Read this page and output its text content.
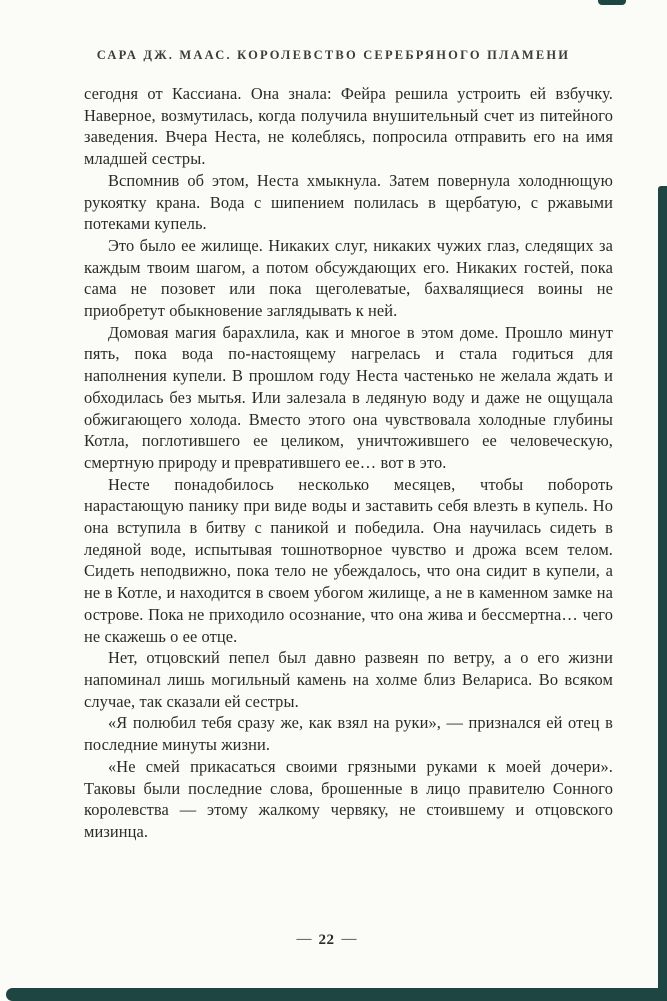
САРА ДЖ. МААС. КОРОЛЕВСТВО СЕРЕБРЯНОГО ПЛАМЕНИ

сегодня от Кассиана. Она знала: Фейра решила устроить ей взбучку. Наверное, возмутилась, когда получила внушительный счет из питейного заведения. Вчера Неста, не колеблясь, попросила отправить его на имя младшей сестры.

Вспомнив об этом, Неста хмыкнула. Затем повернула холоднющую рукоятку крана. Вода с шипением полилась в щербатую, с ржавыми потеками купель.

Это было ее жилище. Никаких слуг, никаких чужих глаз, следящих за каждым твоим шагом, а потом обсуждающих его. Никаких гостей, пока сама не позовет или пока щеголеватые, бахвалящиеся воины не приобретут обыкновение заглядывать к ней.

Домовая магия барахлила, как и многое в этом доме. Прошло минут пять, пока вода по-настоящему нагрелась и стала годиться для наполнения купели. В прошлом году Неста частенько не желала ждать и обходилась без мытья. Или залезала в ледяную воду и даже не ощущала обжигающего холода. Вместо этого она чувствовала холодные глубины Котла, поглотившего ее целиком, уничтожившего ее человеческую, смертную природу и превратившего ее… вот в это.

Несте понадобилось несколько месяцев, чтобы побороть нарастающую панику при виде воды и заставить себя влезть в купель. Но она вступила в битву с паникой и победила. Она научилась сидеть в ледяной воде, испытывая тошнотворное чувство и дрожа всем телом. Сидеть неподвижно, пока тело не убеждалось, что она сидит в купели, а не в Котле, и находится в своем убогом жилище, а не в каменном замке на острове. Пока не приходило осознание, что она жива и бессмертна… чего не скажешь о ее отце.

Нет, отцовский пепел был давно развеян по ветру, а о его жизни напоминал лишь могильный камень на холме близ Велариса. Во всяком случае, так сказали ей сестры.

«Я полюбил тебя сразу же, как взял на руки», — признался ей отец в последние минуты жизни.

«Не смей прикасаться своими грязными руками к моей дочери». Таковы были последние слова, брошенные в лицо правителю Сонного королевства — этому жалкому червяку, не стоившему и отцовского мизинца.

— 22 —
